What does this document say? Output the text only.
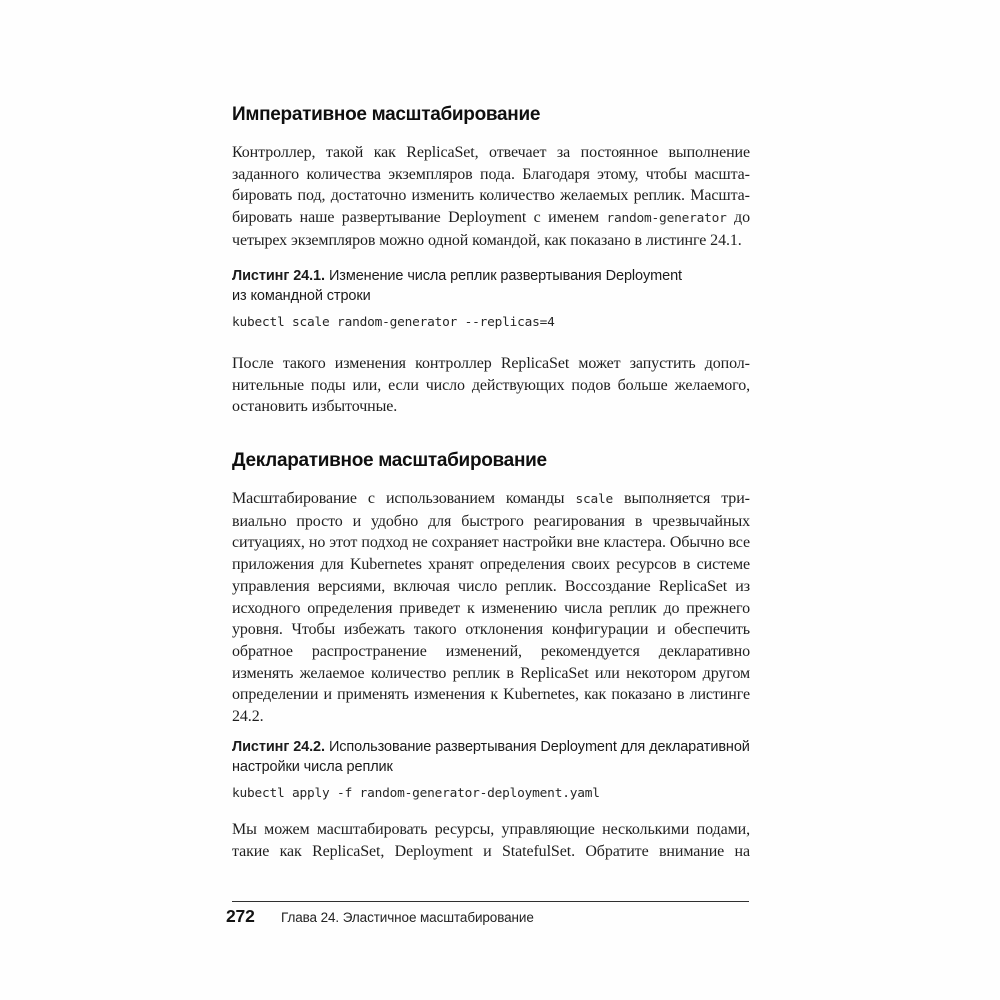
Императивное масштабирование

Контроллер, такой как ReplicaSet, отвечает за постоянное выполнение заданного количества экземпляров пода. Благодаря этому, чтобы масштабировать под, достаточно изменить количество желаемых реплик. Масштабировать наше развертывание Deployment с именем random-generator до четырех экземпляров можно одной командой, как показано в листинге 24.1.

Листинг 24.1. Изменение числа реплик развертывания Deployment
из командной строки

kubectl scale random-generator --replicas=4

После такого изменения контроллер ReplicaSet может запустить дополнительные поды или, если число действующих подов больше желаемого, остановить избыточные.

Декларативное масштабирование

Масштабирование с использованием команды scale выполняется тривиально просто и удобно для быстрого реагирования в чрезвычайных ситуациях, но этот подход не сохраняет настройки вне кластера. Обычно все приложения для Kubernetes хранят определения своих ресурсов в системе управления версиями, включая число реплик. Воссоздание ReplicaSet из исходного определения приведет к изменению числа реплик до прежнего уровня. Чтобы избежать такого отклонения конфигурации и обеспечить обратное распространение изменений, рекомендуется декларативно изменять желаемое количество реплик в ReplicaSet или некотором другом определении и применять изменения к Kubernetes, как показано в листинге 24.2.

Листинг 24.2. Использование развертывания Deployment для декларативной
настройки числа реплик

kubectl apply -f random-generator-deployment.yaml

Мы можем масштабировать ресурсы, управляющие несколькими подами, такие как ReplicaSet, Deployment и StatefulSet. Обратите внимание на

272 Глава 24. Эластичное масштабирование
